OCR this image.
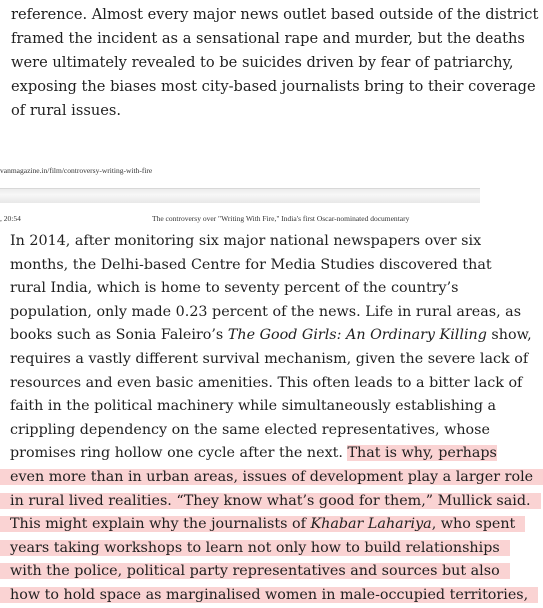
reference. Almost every major news outlet based outside of the district
framed the incident as a sensational rape and murder, but the deaths
were ultimately revealed to be suicides driven by fear of patriarchy,
exposing the biases most city-based journalists bring to their coverage
of rural issues.

vanmagazine.in/film/controversy-writing-with-fire
, 20:54	The controversy over "Writing With Fire," India's first Oscar-nominated documentary

In 2014, after monitoring six major national newspapers over six
months, the Delhi-based Centre for Media Studies discovered that
rural India, which is home to seventy percent of the country’s
population, only made 0.23 percent of the news. Life in rural areas, as
books such as Sonia Faleiro’s The Good Girls: An Ordinary Killing show,
requires a vastly different survival mechanism, given the severe lack of
resources and even basic amenities. This often leads to a bitter lack of
faith in the political machinery while simultaneously establishing a
crippling dependency on the same elected representatives, whose
promises ring hollow one cycle after the next. That is why, perhaps
even more than in urban areas, issues of development play a larger role
in rural lived realities. “They know what’s good for them,” Mullick said.
This might explain why the journalists of Khabar Lahariya, who spent
years taking workshops to learn not only how to build relationships
with the police, political party representatives and sources but also
how to hold space as marginalised women in male-occupied territories,
